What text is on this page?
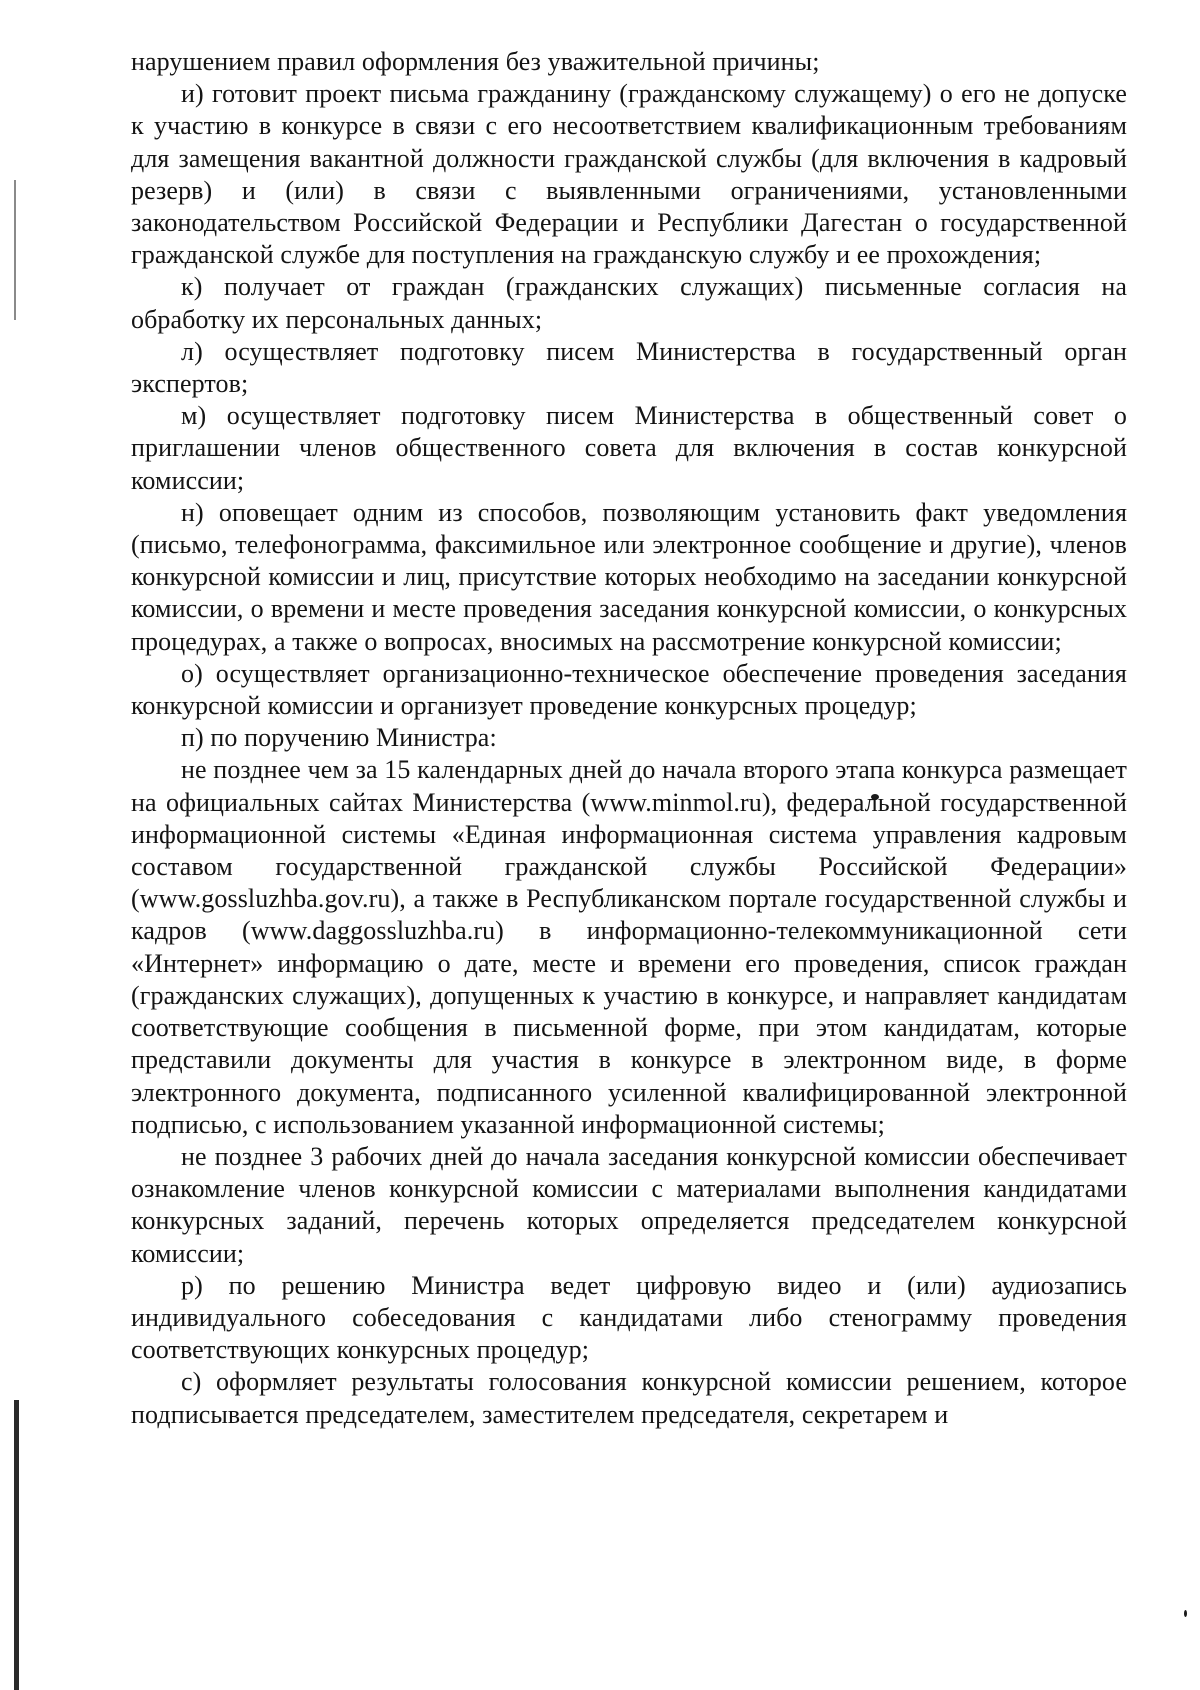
нарушением правил оформления без уважительной причины;

и) готовит проект письма гражданину (гражданскому служащему) о его не допуске к участию в конкурсе в связи с его несоответствием квалификационным требованиям для замещения вакантной должности гражданской службы (для включения в кадровый резерв) и (или) в связи с выявленными ограничениями, установленными законодательством Российской Федерации и Республики Дагестан о государственной гражданской службе для поступления на гражданскую службу и ее прохождения;

к) получает от граждан (гражданских служащих) письменные согласия на обработку их персональных данных;

л) осуществляет подготовку писем Министерства в государственный орган экспертов;

м) осуществляет подготовку писем Министерства в общественный совет о приглашении членов общественного совета для включения в состав конкурсной комиссии;

н) оповещает одним из способов, позволяющим установить факт уведомления (письмо, телефонограмма, факсимильное или электронное сообщение и другие), членов конкурсной комиссии и лиц, присутствие которых необходимо на заседании конкурсной комиссии, о времени и месте проведения заседания конкурсной комиссии, о конкурсных процедурах, а также о вопросах, вносимых на рассмотрение конкурсной комиссии;

о) осуществляет организационно-техническое обеспечение проведения заседания конкурсной комиссии и организует проведение конкурсных процедур;

п) по поручению Министра:

не позднее чем за 15 календарных дней до начала второго этапа конкурса размещает на официальных сайтах Министерства (www.minmol.ru), федеральной государственной информационной системы «Единая информационная система управления кадровым составом государственной гражданской службы Российской Федерации» (www.gossluzhba.gov.ru), а также в Республиканском портале государственной службы и кадров (www.daggossluzhba.ru) в информационно-телекоммуникационной сети «Интернет» информацию о дате, месте и времени его проведения, список граждан (гражданских служащих), допущенных к участию в конкурсе, и направляет кандидатам соответствующие сообщения в письменной форме, при этом кандидатам, которые представили документы для участия в конкурсе в электронном виде, в форме электронного документа, подписанного усиленной квалифицированной электронной подписью, с использованием указанной информационной системы;

не позднее 3 рабочих дней до начала заседания конкурсной комиссии обеспечивает ознакомление членов конкурсной комиссии с материалами выполнения кандидатами конкурсных заданий, перечень которых определяется председателем конкурсной комиссии;

р) по решению Министра ведет цифровую видео и (или) аудиозапись индивидуального собеседования с кандидатами либо стенограмму проведения соответствующих конкурсных процедур;

с) оформляет результаты голосования конкурсной комиссии решением, которое подписывается председателем, заместителем председателя, секретарем и
